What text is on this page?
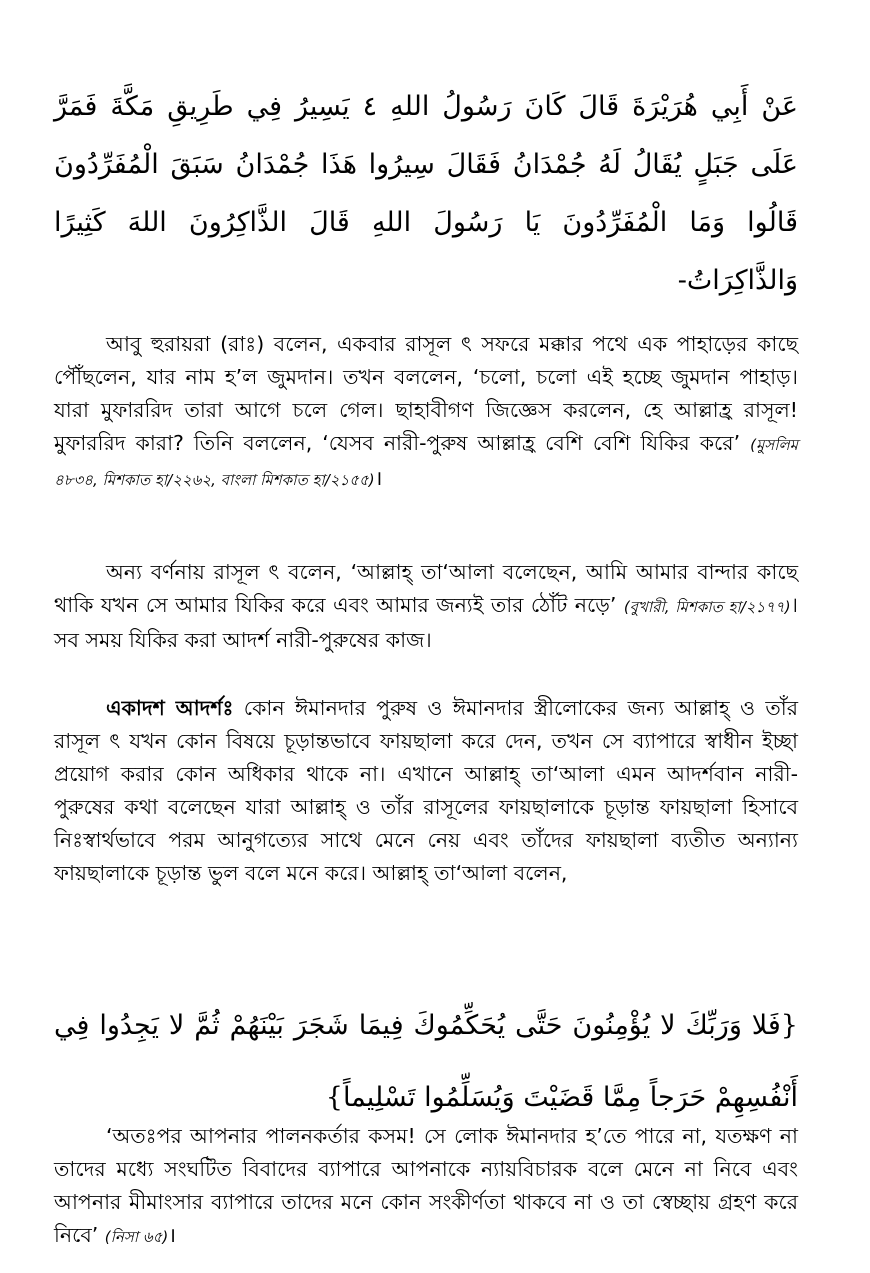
عَنْ أَبِي هُرَيْرَةَ قَالَ كَانَ رَسُولُ اللهِ ٤ يَسِيرُ فِي طَرِيقِ مَكَّةَ فَمَرَّ عَلَى جَبَلٍ يُقَالُ لَهُ جُمْدَانُ فَقَالَ سِيرُوا هَذَا جُمْدَانُ سَبَقَ الْمُفَرِّدُونَ قَالُوا وَمَا الْمُفَرِّدُونَ يَا رَسُولَ اللهِ قَالَ الذَّاكِرُونَ اللهَ كَثِيرًا وَالذَّاكِرَاتُ-

আবু হুরায়রা (রাঃ) বলেন, একবার রাসূল ৎ সফরে মক্কার পথে এক পাহাড়ের কাছে পৌঁছলেন, যার নাম হ’ল জুমদান। তখন বললেন, ‘চলো, চলো এই হচ্ছে জুমদান পাহাড়। যারা মুফাররিদ তারা আগে চলে গেল। ছাহাবীগণ জিজ্ঞেস করলেন, হে আল্লাহ্র রাসূল! মুফাররিদ কারা? তিনি বললেন, ‘যেসব নারী-পুরুষ আল্লাহ্র বেশি বেশি যিকির করে’ (মুসলিম ৪৮৩৪, মিশকাত হা/২২৬২, বাংলা মিশকাত হা/২১৫৫)।

অন্য বর্ণনায় রাসূল ৎ বলেন, ‘আল্লাহ্ তা‘আলা বলেছেন, আমি আমার বান্দার কাছে থাকি যখন সে আমার যিকির করে এবং আমার জন্যই তার ঠোঁট নড়ে’ (বুখারী, মিশকাত হা/২১৭৭)। সব সময় যিকির করা আদর্শ নারী-পুরুষের কাজ।

একাদশ আদর্শঃ কোন ঈমানদার পুরুষ ও ঈমানদার স্ত্রীলোকের জন্য আল্লাহ্ ও তাঁর রাসূল ৎ যখন কোন বিষয়ে চূড়ান্তভাবে ফায়ছালা করে দেন, তখন সে ব্যাপারে স্বাধীন ইচ্ছা প্রয়োগ করার কোন অধিকার থাকে না। এখানে আল্লাহ্ তা‘আলা এমন আদর্শবান নারী-পুরুষের কথা বলেছেন যারা আল্লাহ্ ও তাঁর রাসূলের ফায়ছালাকে চূড়ান্ত ফায়ছালা হিসাবে নিঃস্বার্থভাবে পরম আনুগত্যের সাথে মেনে নেয় এবং তাঁদের ফায়ছালা ব্যতীত অন্যান্য ফায়ছালাকে চূড়ান্ত ভুল বলে মনে করে। আল্লাহ্ তা‘আলা বলেন,

{فَلا وَرَبِّكَ لا يُؤْمِنُونَ حَتَّى يُحَكِّمُوكَ فِيمَا شَجَرَ بَيْنَهُمْ ثُمَّ لا يَجِدُوا فِي أَنْفُسِهِمْ حَرَجاً مِمَّا قَضَيْتَ وَيُسَلِّمُوا تَسْلِيماً}

‘অতঃপর আপনার পালনকর্তার কসম! সে লোক ঈমানদার হ’তে পারে না, যতক্ষণ না তাদের মধ্যে সংঘটিত বিবাদের ব্যাপারে আপনাকে ন্যায়বিচারক বলে মেনে না নিবে এবং আপনার মীমাংসার ব্যাপারে তাদের মনে কোন সংকীর্ণতা থাকবে না ও তা স্বেচ্ছায় গ্রহণ করে নিবে’ (নিসা ৬৫)।
